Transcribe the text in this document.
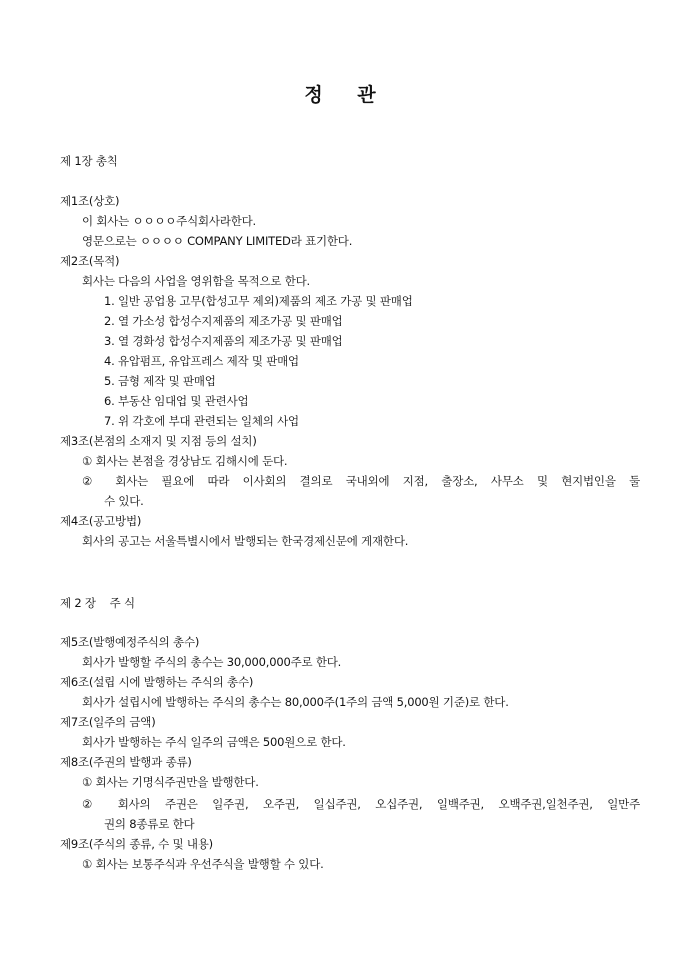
정 관
제 1장 총칙
제1조(상호)
이 회사는 ㅇㅇㅇㅇ주식회사라한다.
영문으로는 ㅇㅇㅇㅇ COMPANY LIMITED라 표기한다.
제2조(목적)
회사는 다음의 사업을 영위함을 목적으로 한다.
1. 일반 공업용 고무(합성고무 제외)제품의 제조 가공 및 판매업
2. 열 가소성 합성수지제품의 제조가공 및 판매업
3. 열 경화성 합성수지제품의 제조가공 및 판매업
4. 유압펌프, 유압프레스 제작 및 판매업
5. 금형 제작 및 판매업
6. 부동산 임대업 및 관련사업
7. 위 각호에 부대 관련되는 일체의 사업
제3조(본점의 소재지 및 지점 등의 설치)
① 회사는 본점을 경상남도 김해시에 둔다.
② 회사는 필요에 따라 이사회의 결의로 국내외에 지점, 출장소, 사무소 및 현지법인을 둘
수 있다.
제4조(공고방법)
회사의 공고는 서울특별시에서 발행되는 한국경제신문에 게재한다.
제 2 장    주 식
제5조(발행예정주식의 총수)
회사가 발행할 주식의 총수는 30,000,000주로 한다.
제6조(설립 시에 발행하는 주식의 총수)
회사가 설립시에 발행하는 주식의 총수는 80,000주(1주의 금액 5,000원 기준)로 한다.
제7조(일주의 금액)
회사가 발행하는 주식 일주의 금액은 500원으로 한다.
제8조(주권의 발행과 종류)
① 회사는 기명식주권만을 발행한다.
② 회사의 주권은 일주권, 오주권, 일십주권, 오십주권, 일백주권, 오백주권,일천주권, 일만주
권의 8종류로 한다
제9조(주식의 종류, 수 및 내용)
① 회사는 보통주식과 우선주식을 발행할 수 있다.
